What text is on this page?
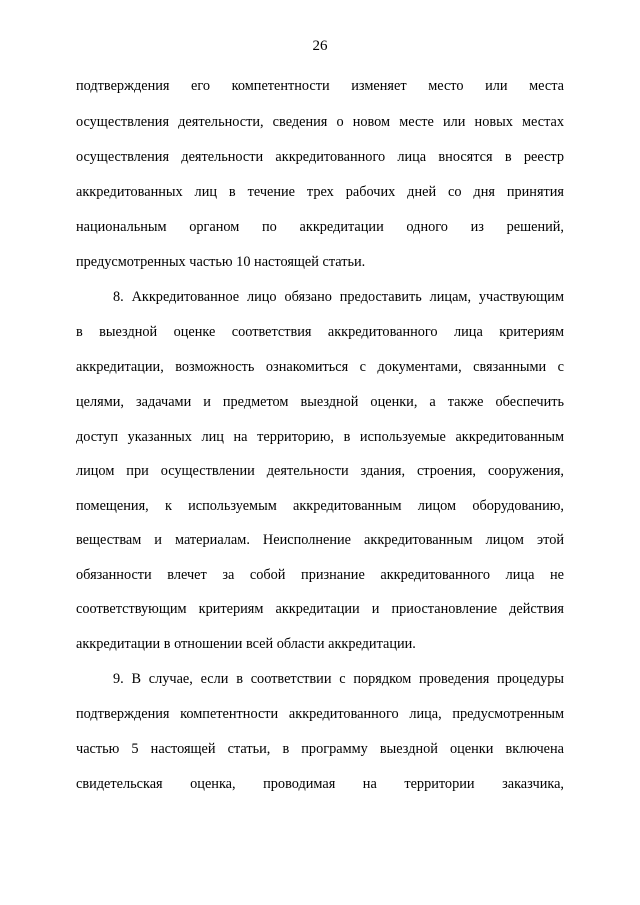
26
подтверждения его компетентности изменяет место или места
осуществления деятельности, сведения о новом месте или новых местах
осуществления деятельности аккредитованного лица вносятся в реестр
аккредитованных лиц в течение трех рабочих дней со дня принятия
национальным органом по аккредитации одного из решений,
предусмотренных частью 10 настоящей статьи.
8. Аккредитованное лицо обязано предоставить лицам, участвующим
в выездной оценке соответствия аккредитованного лица критериям
аккредитации, возможность ознакомиться с документами, связанными с
целями, задачами и предметом выездной оценки, а также обеспечить
доступ указанных лиц на территорию, в используемые аккредитованным
лицом при осуществлении деятельности здания, строения, сооружения,
помещения, к используемым аккредитованным лицом оборудованию,
веществам и материалам. Неисполнение аккредитованным лицом этой
обязанности влечет за собой признание аккредитованного лица не
соответствующим критериям аккредитации и приостановление действия
аккредитации в отношении всей области аккредитации.
9. В случае, если в соответствии с порядком проведения процедуры
подтверждения компетентности аккредитованного лица, предусмотренным
частью 5 настоящей статьи, в программу выездной оценки включена
свидетельская оценка, проводимая на территории заказчика,
